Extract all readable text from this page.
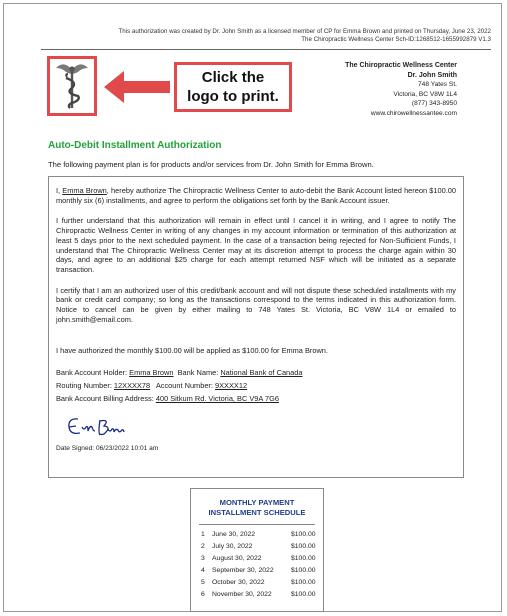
This authorization was created by Dr. John Smith as a licensed member of CP for Emma Brown and printed on Thursday, June 23, 2022
The Chiropractic Wellness Center Sch-ID:1268512-1655992879 V1.3
Click the
logo to print.
The Chiropractic Wellness Center
Dr. John Smith
748 Yates St.
Victoria, BC V8W 1L4
(877) 343-8950
www.chirowellnessantee.com
Auto-Debit Installment Authorization
The following payment plan is for products and/or services from Dr. John Smith for Emma Brown.

I, Emma Brown, hereby authorize The Chiropractic Wellness Center to auto-debit the Bank Account listed hereon $100.00 monthly six (6) installments, and agree to perform the obligations set forth by the Bank Account issuer.

I further understand that this authorization will remain in effect until I cancel it in writing, and I agree to notify The Chiropractic Wellness Center in writing of any changes in my account information or termination of this authorization at least 5 days prior to the next scheduled payment. In the case of a transaction being rejected for Non-Sufficient Funds, I understand that The Chiropractic Wellness Center may at its discretion attempt to process the charge again within 30 days, and agree to an additional $25 charge for each attempt returned NSF which will be initiated as a separate transaction.

I certify that I am an authorized user of this credit/bank account and will not dispute these scheduled installments with my bank or credit card company; so long as the transactions correspond to the terms indicated in this authorization form. Notice to cancel can be given by either mailing to 748 Yates St. Victoria, BC V8W 1L4 or emailed to john.smith@email.com.

I have authorized the monthly $100.00 will be applied as $100.00 for Emma Brown.

Bank Account Holder: Emma Brown  Bank Name: National Bank of Canada
Routing Number: 12XXXX78   Account Number: 9XXXX12
Bank Account Billing Address: 400 Sitkum Rd. Victoria, BC V9A 7G6
Date Signed: 06/23/2022 10:01 am
MONTHLY PAYMENT
INSTALLMENT SCHEDULE
1	June 30, 2022	$100.00
2	July 30, 2022	$100.00
3	August 30, 2022	$100.00
4	September 30, 2022	$100.00
5	October 30, 2022	$100.00
6	November 30, 2022	$100.00
